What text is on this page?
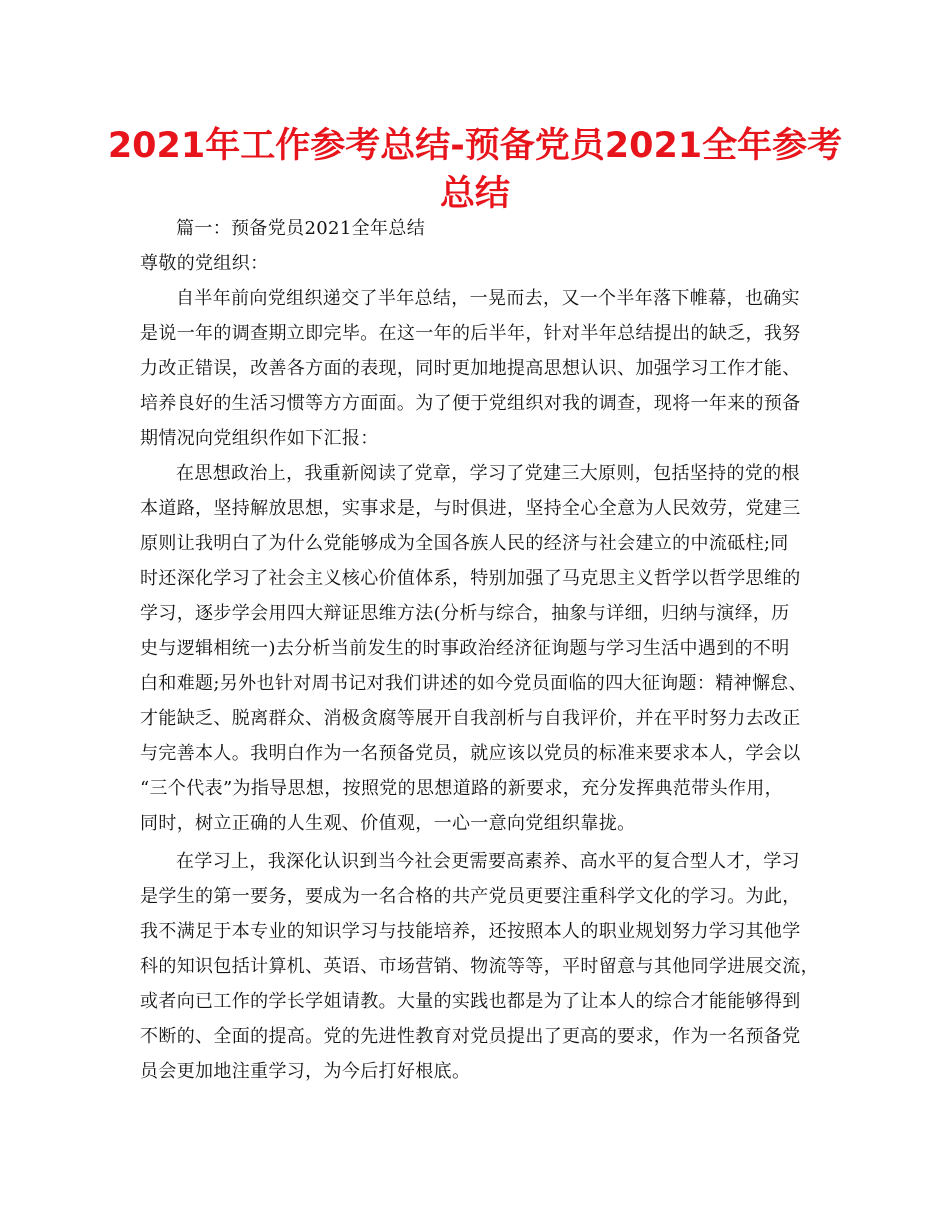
2021年工作参考总结-预备党员2021全年参考
总结
篇一：预备党员2021全年总结
尊敬的党组织：
自半年前向党组织递交了半年总结，一晃而去，又一个半年落下帷幕，也确实
是说一年的调查期立即完毕。在这一年的后半年，针对半年总结提出的缺乏，我努
力改正错误，改善各方面的表现，同时更加地提高思想认识、加强学习工作才能、
培养良好的生活习惯等方方面面。为了便于党组织对我的调查，现将一年来的预备
期情况向党组织作如下汇报：
在思想政治上，我重新阅读了党章，学习了党建三大原则，包括坚持的党的根
本道路，坚持解放思想，实事求是，与时俱进，坚持全心全意为人民效劳，党建三
原则让我明白了为什么党能够成为全国各族人民的经济与社会建立的中流砥柱;同
时还深化学习了社会主义核心价值体系，特别加强了马克思主义哲学以哲学思维的
学习，逐步学会用四大辩证思维方法(分析与综合，抽象与详细，归纳与演绎，历
史与逻辑相统一)去分析当前发生的时事政治经济征询题与学习生活中遇到的不明
白和难题;另外也针对周书记对我们讲述的如今党员面临的四大征询题：精神懈怠、
才能缺乏、脱离群众、消极贪腐等展开自我剖析与自我评价，并在平时努力去改正
与完善本人。我明白作为一名预备党员，就应该以党员的标准来要求本人，学会以
“三个代表”为指导思想，按照党的思想道路的新要求，充分发挥典范带头作用，
同时，树立正确的人生观、价值观，一心一意向党组织靠拢。
在学习上，我深化认识到当今社会更需要高素养、高水平的复合型人才，学习
是学生的第一要务，要成为一名合格的共产党员更要注重科学文化的学习。为此，
我不满足于本专业的知识学习与技能培养，还按照本人的职业规划努力学习其他学
科的知识包括计算机、英语、市场营销、物流等等，平时留意与其他同学进展交流，
或者向已工作的学长学姐请教。大量的实践也都是为了让本人的综合才能能够得到
不断的、全面的提高。党的先进性教育对党员提出了更高的要求，作为一名预备党
员会更加地注重学习，为今后打好根底。
